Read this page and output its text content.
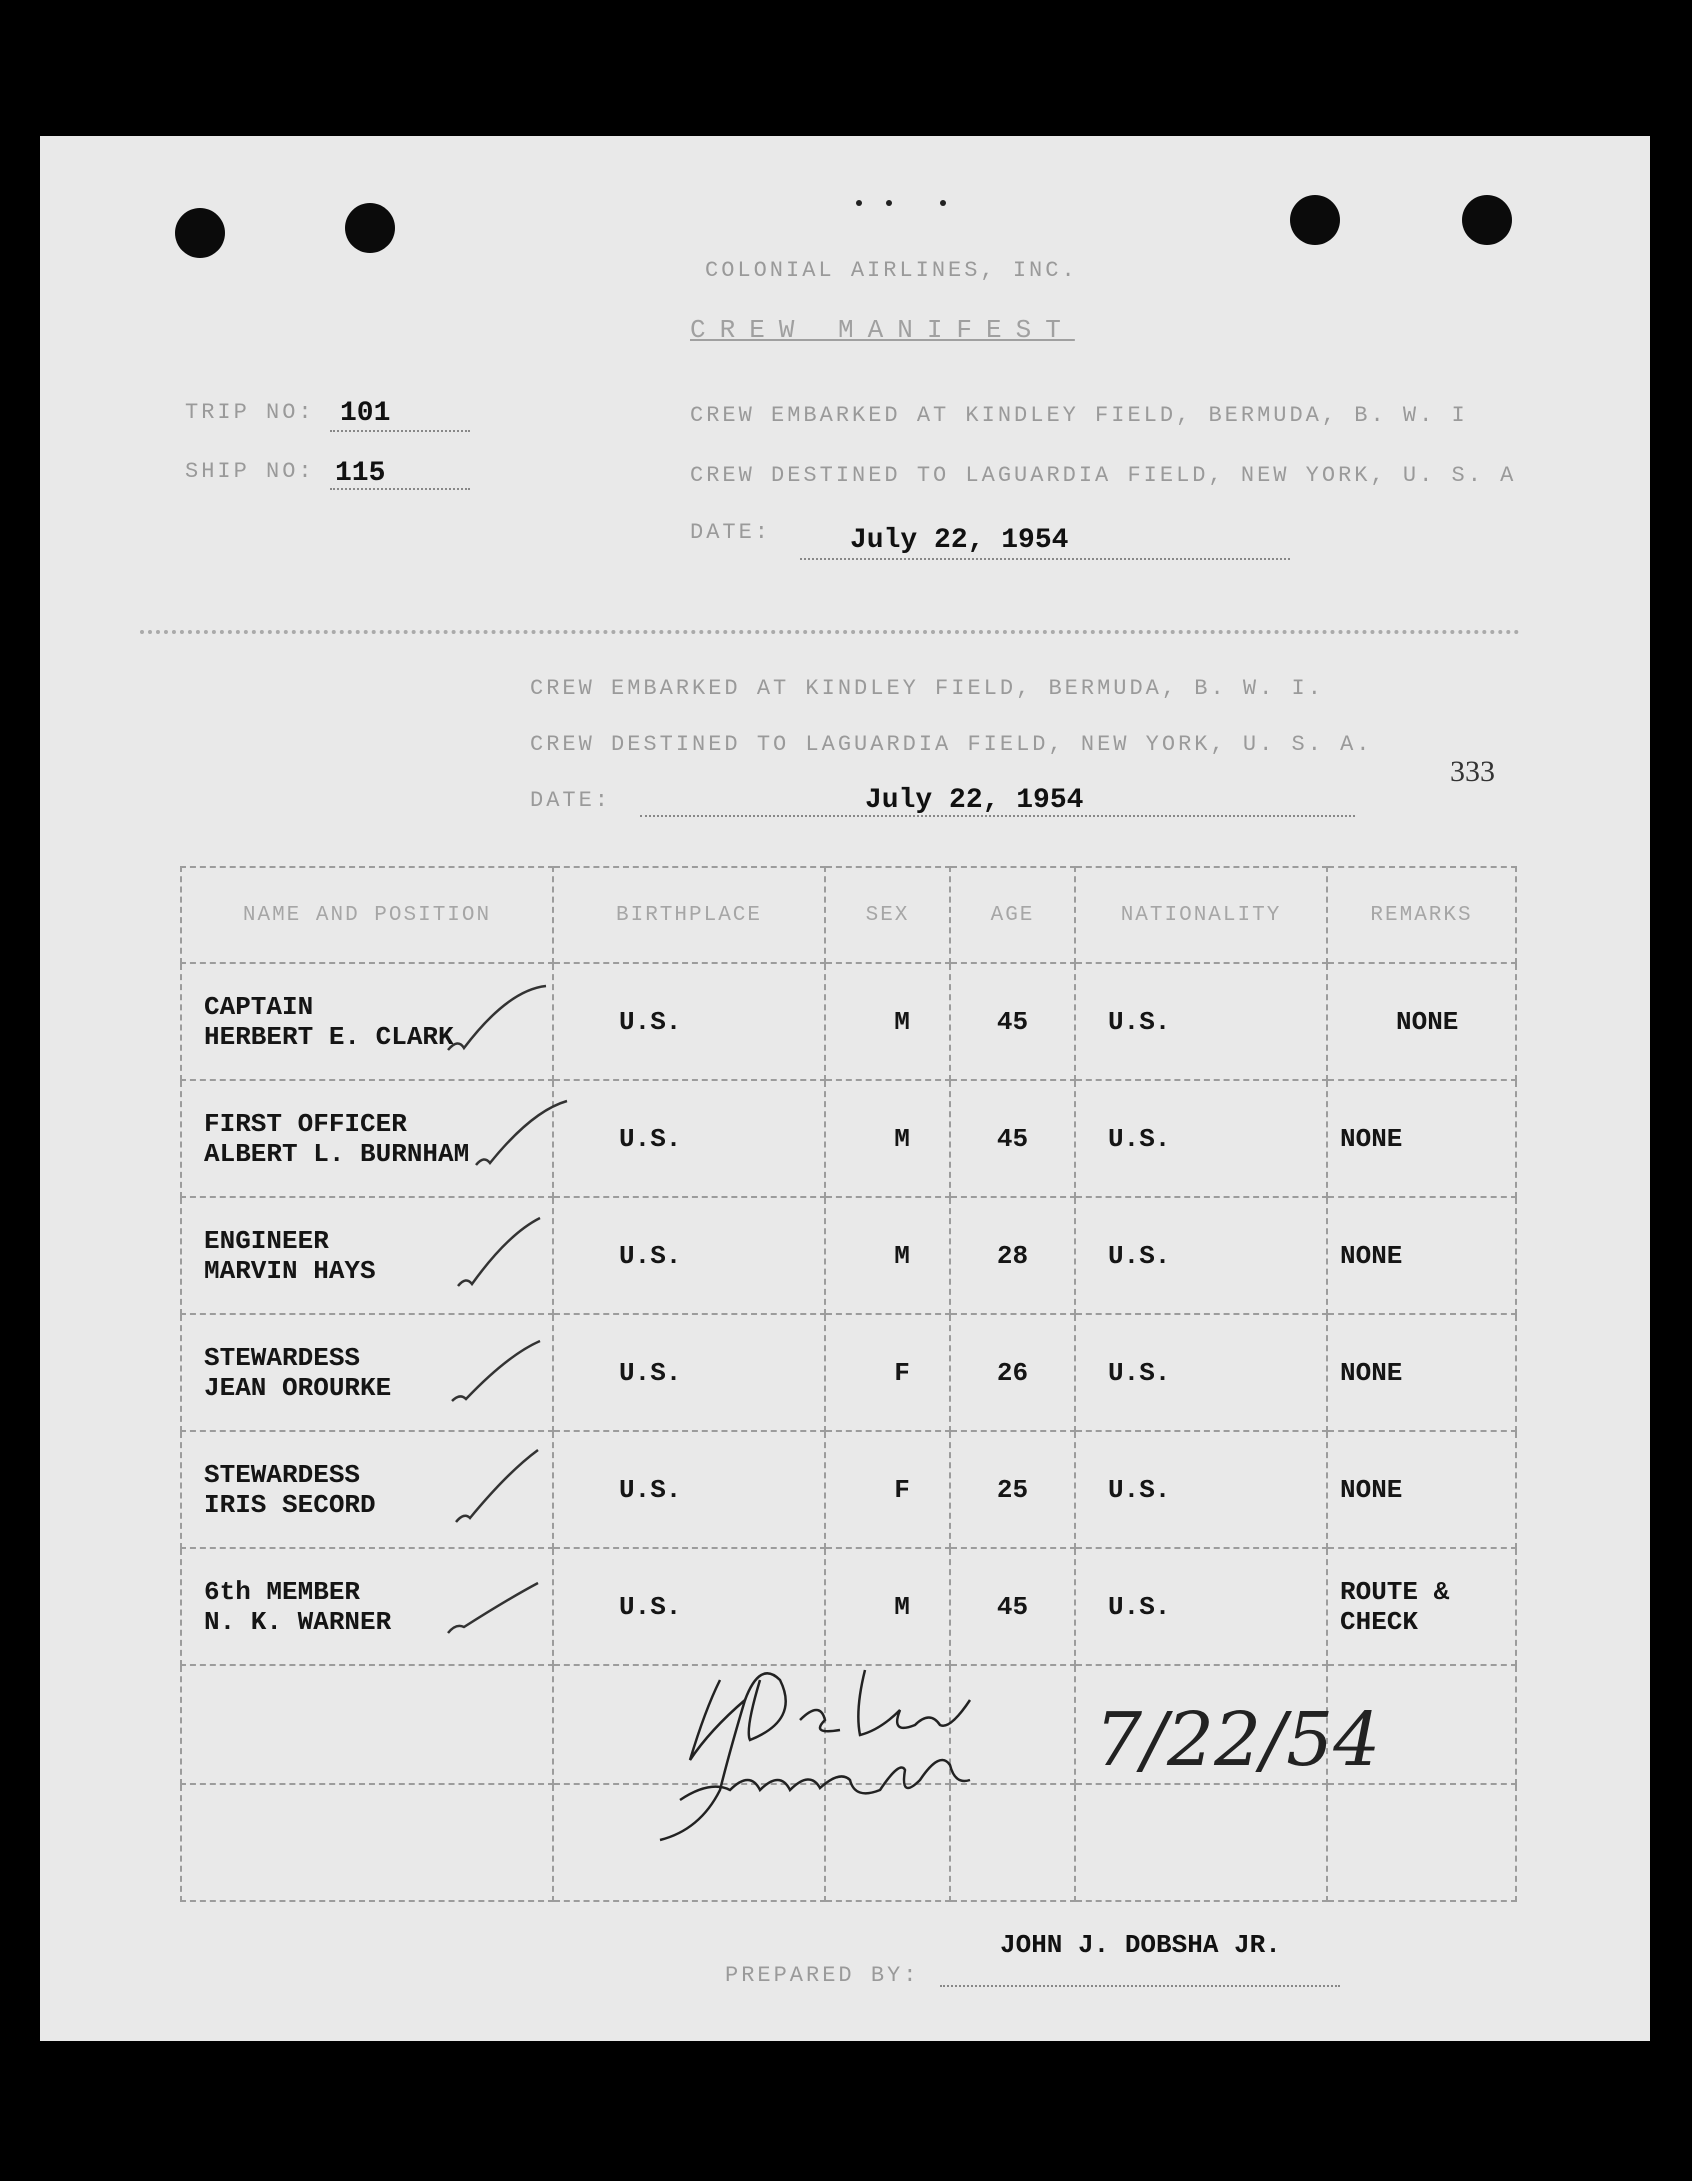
COLONIAL AIRLINES, INC.
CREW MANIFEST
TRIP NO: 101
SHIP NO: 115
CREW EMBARKED AT KINDLEY FIELD, BERMUDA, B. W. I
CREW DESTINED TO LAGUARDIA FIELD, NEW YORK, U. S. A
DATE:	July 22, 1954
CREW EMBARKED AT KINDLEY FIELD, BERMUDA, B. W. I.
CREW DESTINED TO LAGUARDIA FIELD, NEW YORK, U. S. A.
DATE:	July 22, 1954
333
NAME AND POSITION	BIRTHPLACE	SEX	AGE	NATIONALITY	REMARKS

CAPTAIN
HERBERT E. CLARK	U.S.	M	45	U.S.	NONE

FIRST OFFICER
ALBERT L. BURNHAM	U.S.	M	45	U.S.	NONE

ENGINEER
MARVIN HAYS	U.S.	M	28	U.S.	NONE

STEWARDESS
JEAN OROURKE	U.S.	F	26	U.S.	NONE

STEWARDESS
IRIS SECORD	U.S.	F	25	U.S.	NONE

6th MEMBER
N. K. WARNER	U.S.	M	45	U.S.	ROUTE & CHECK

7/22/54
JOHN J. DOBSHA JR.
PREPARED BY:
